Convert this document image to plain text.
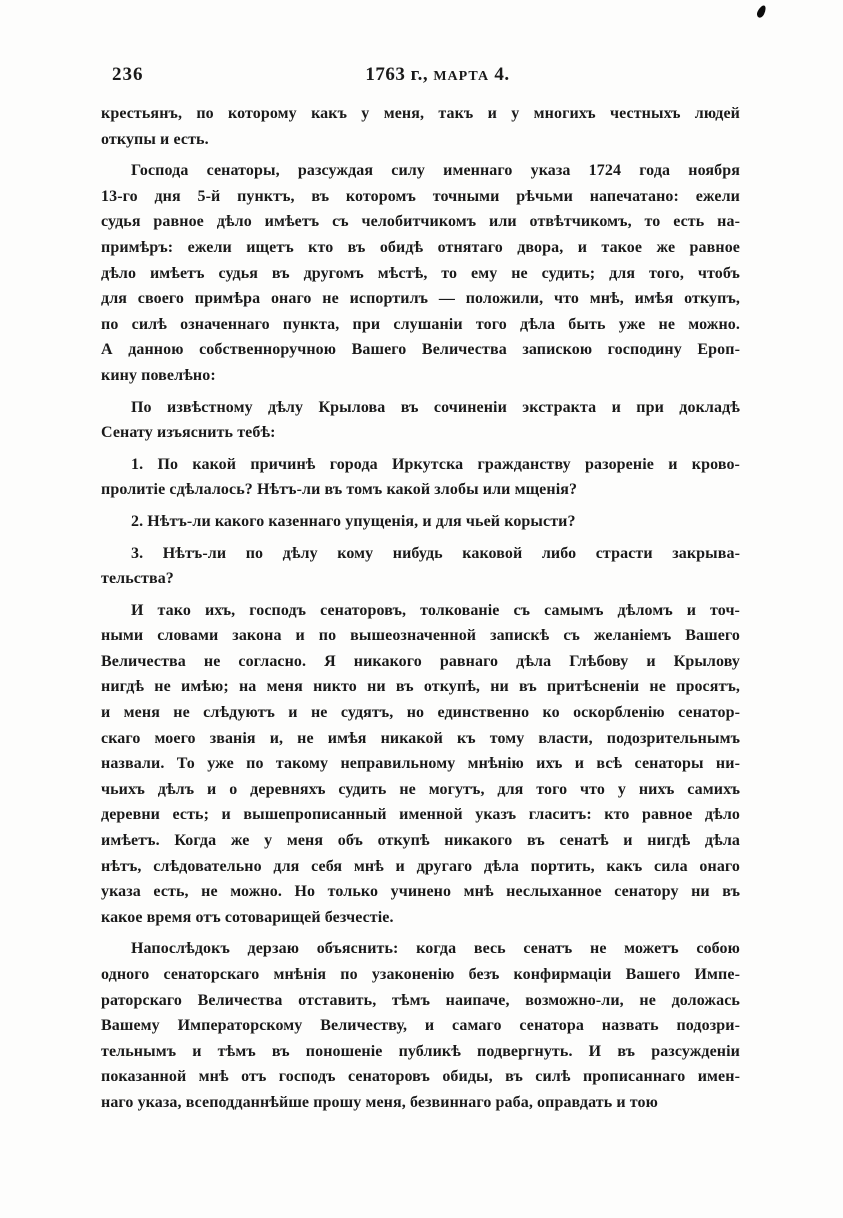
236	1763 г., МАРТА 4.
крестьянъ, по которому какъ у меня, такъ и у многихъ честныхъ людей
откупы и есть.
Господа сенаторы, разсуждая силу именнаго указа 1724 года ноября
13-го дня 5-й пунктъ, въ которомъ точными рѣчьми напечатано: ежели
судья равное дѣло имѣетъ съ челобитчикомъ или отвѣтчикомъ, то есть на-
примѣръ: ежели ищетъ кто въ обидѣ отнятаго двора, и такое же равное
дѣло имѣетъ судья въ другомъ мѣстѣ, то ему не судить; для того, чтобъ
для своего примѣра онаго не испортилъ — положили, что мнѣ, имѣя откупъ,
по силѣ означеннаго пункта, при слушаніи того дѣла быть уже не можно.
А данною собственноручною Вашего Величества запискою господину Ероп-
кину повелѣно:
По извѣстному дѣлу Крылова въ сочиненіи экстракта и при докладѣ
Сенату изъяснить тебѣ:
1. По какой причинѣ города Иркутска гражданству разореніе и крово-
пролитіе сдѣлалось? Нѣтъ-ли въ томъ какой злобы или мщенія?
2. Нѣтъ-ли какого казеннаго упущенія, и для чьей корысти?
3. Нѣтъ-ли по дѣлу кому нибудь каковой либо страсти закрыва-
тельства?
И тако ихъ, господъ сенаторовъ, толкованіе съ самымъ дѣломъ и точ-
ными словами закона и по вышеозначенной запискѣ съ желаніемъ Вашего
Величества не согласно. Я никакого равнаго дѣла Глѣбову и Крылову
нигдѣ не имѣю; на меня никто ни въ откупѣ, ни въ притѣсненіи не просятъ,
и меня не слѣдуютъ и не судятъ, но единственно ко оскорбленію сенатор-
скаго моего званія и, не имѣя никакой къ тому власти, подозрительнымъ
назвали. То уже по такому неправильному мнѣнію ихъ и всѣ сенаторы ни-
чьихъ дѣлъ и о деревняхъ судить не могутъ, для того что у нихъ самихъ
деревни есть; и вышепрописанный именной указъ гласитъ: кто равное дѣло
имѣетъ. Когда же у меня объ откупѣ никакого въ сенатѣ и нигдѣ дѣла
нѣтъ, слѣдовательно для себя мнѣ и другаго дѣла портить, какъ сила онаго
указа есть, не можно. Но только учинено мнѣ неслыханное сенатору ни въ
какое время отъ сотоварищей безчестіе.
Напослѣдокъ дерзаю объяснить: когда весь сенатъ не можетъ собою
одного сенаторскаго мнѣнія по узаконенію безъ конфирмаціи Вашего Импе-
раторскаго Величества отставить, тѣмъ наипаче, возможно-ли, не доложась
Вашему Императорскому Величеству, и самаго сенатора назвать подозри-
тельнымъ и тѣмъ въ поношеніе публикѣ подвергнуть. И въ разсужденіи
показанной мнѣ отъ господъ сенаторовъ обиды, въ силѣ прописаннаго имен-
наго указа, всеподданнѣйше прошу меня, безвиннаго раба, оправдать и тою
